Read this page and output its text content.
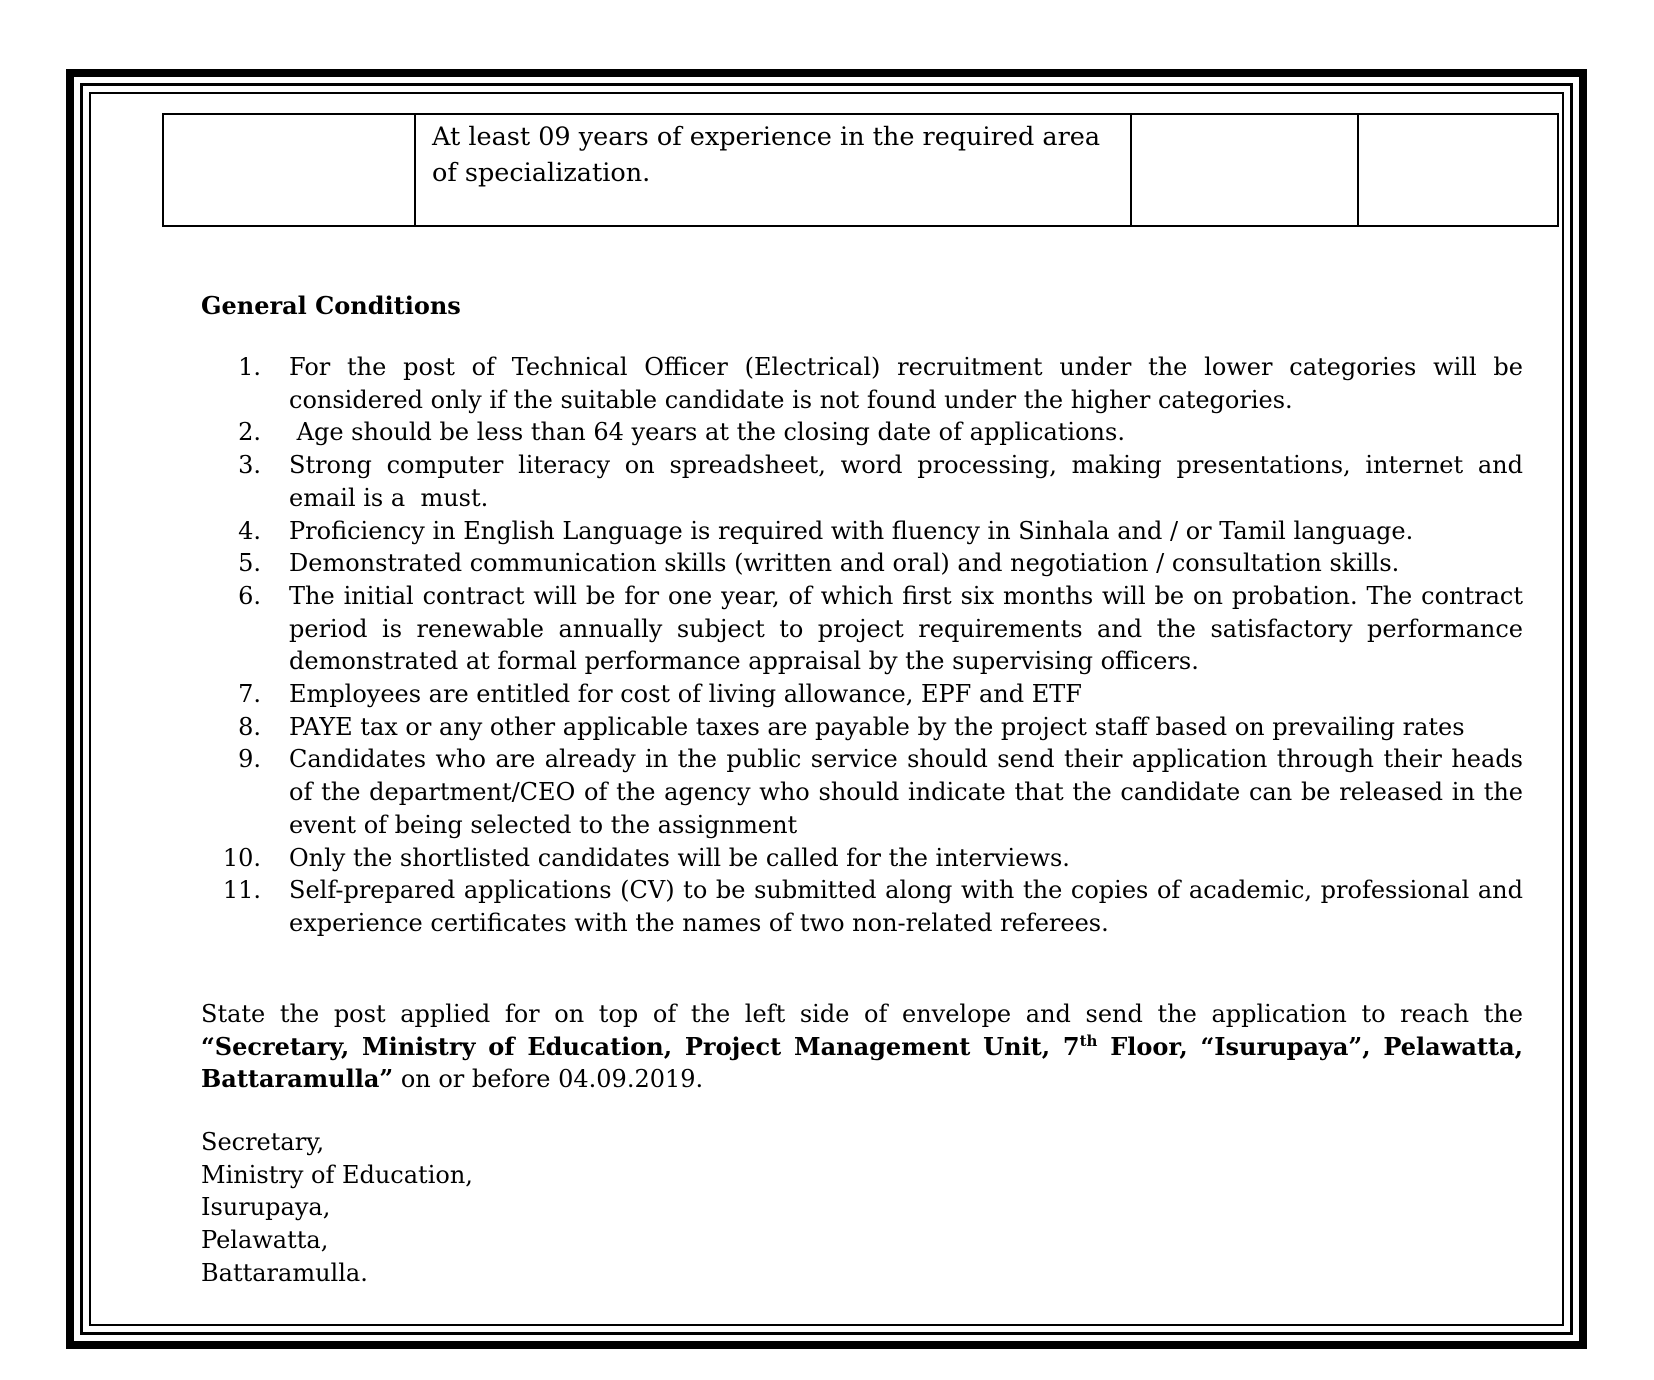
At least 09 years of experience in the required area of specialization.

General Conditions
1. For the post of Technical Officer (Electrical) recruitment under the lower categories will be considered only if the suitable candidate is not found under the higher categories.
2. Age should be less than 64 years at the closing date of applications.
3. Strong computer literacy on spreadsheet, word processing, making presentations, internet and email is a  must.
4. Proficiency in English Language is required with fluency in Sinhala and / or Tamil language.
5. Demonstrated communication skills (written and oral) and negotiation / consultation skills.
6. The initial contract will be for one year, of which first six months will be on probation. The contract period is renewable annually subject to project requirements and the satisfactory performance demonstrated at formal performance appraisal by the supervising officers.
7. Employees are entitled for cost of living allowance, EPF and ETF
8. PAYE tax or any other applicable taxes are payable by the project staff based on prevailing rates
9. Candidates who are already in the public service should send their application through their heads of the department/CEO of the agency who should indicate that the candidate can be released in the event of being selected to the assignment
10. Only the shortlisted candidates will be called for the interviews.
11. Self-prepared applications (CV) to be submitted along with the copies of academic, professional and experience certificates with the names of two non-related referees.

State the post applied for on top of the left side of envelope and send the application to reach the “Secretary, Ministry of Education, Project Management Unit, 7th Floor, “Isurupaya”, Pelawatta, Battaramulla” on or before 04.09.2019.

Secretary,
Ministry of Education,
Isurupaya,
Pelawatta,
Battaramulla.
